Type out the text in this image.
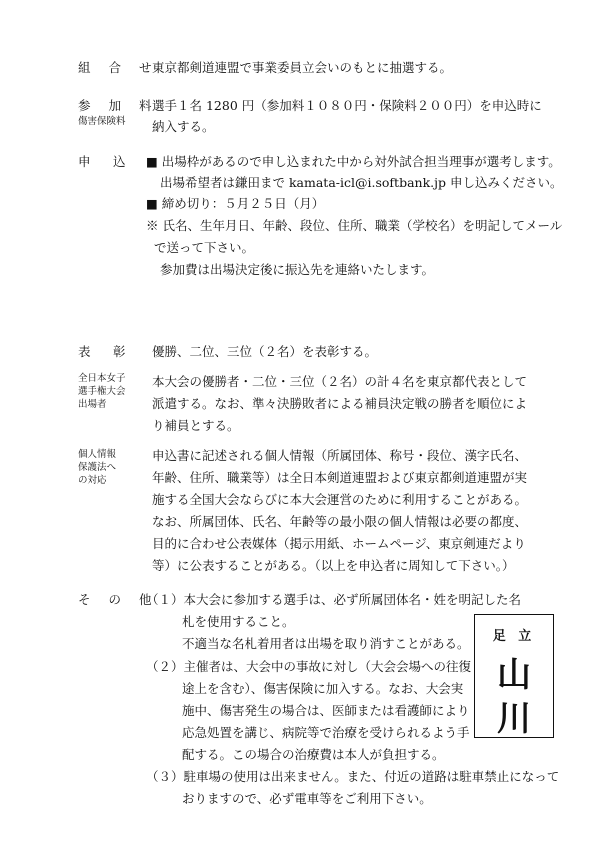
組 合 せ
東京都剣道連盟で事業委員立会いのもとに抽選する。
参 加 料
傷害保険料
選手１名 1280 円（参加料１０８０円・保険料２００円）を申込時に
納入する。
申 　込 ■ 出場枠があるので申し込まれた中から対外試合担当理事が選考します。
出場希望者は鎌田まで kamata-icl@i.softbank.jp 申し込みください。
■ 締め切り：５月２５日（月）
※ 氏名、生年月日、年齢、段位、住所、職業（学校名）を明記してメール
で送って下さい。
参加費は出場決定後に振込先を連絡いたします。
表 　彰 優勝、二位、三位（２名）を表彰する。
全日本女子
選手権大会
出場者
本大会の優勝者・二位・三位（２名）の計４名を東京都代表として
派遣する。なお、準々決勝敗者による補員決定戦の勝者を順位によ
り補員とする。
個人情報
保護法へ
の対応
申込書に記述される個人情報（所属団体、称号・段位、漢字氏名、
年齢、住所、職業等）は全日本剣道連盟および東京都剣道連盟が実
施する全国大会ならびに本大会運営のために利用することがある。
なお、所属団体、氏名、年齢等の最小限の個人情報は必要の都度、
目的に合わせ公表媒体（掲示用紙、ホームページ、東京剣連だより
等）に公表することがある。（以上を申込者に周知して下さい。）
そ の 他
（１）本大会に参加する選手は、必ず所属団体名・姓を明記した名
札を使用すること。
不適当な名札着用者は出場を取り消すことがある。
（２）主催者は、大会中の事故に対し（大会会場への往復
途上を含む）、傷害保険に加入する。なお、大会実
施中、傷害発生の場合は、医師または看護師により
応急処置を講じ、病院等で治療を受けられるよう手
配する。この場合の治療費は本人が負担する。
（３）駐車場の使用は出来ません。また、付近の道路は駐車禁止になって
おりますので、必ず電車等をご利用下さい。
足 立
山
川
